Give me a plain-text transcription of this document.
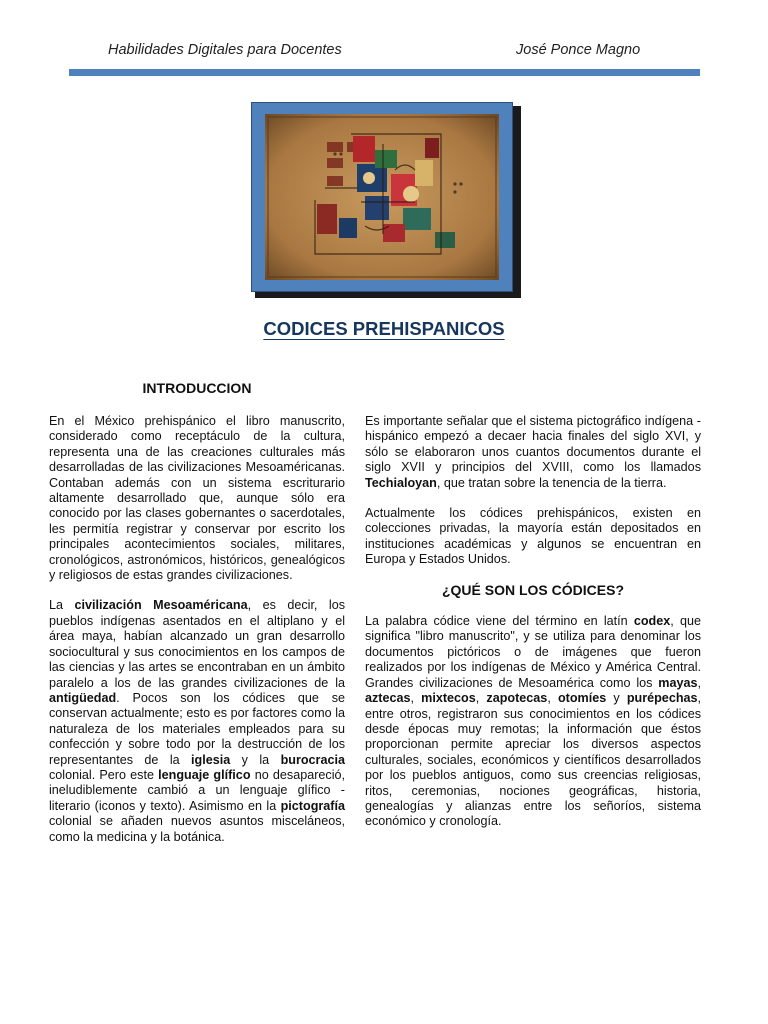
Habilidades Digitales para Docentes	José Ponce Magno
CODICES PREHISPANICOS
INTRODUCCION

En el México prehispánico el libro manuscrito, considerado como receptáculo de la cultura, representa una de las creaciones culturales más desarrolladas de las civilizaciones Mesoaméricanas. Contaban además con un sistema escriturario altamente desarrollado que, aunque sólo era conocido por las clases gobernantes o sacerdotales, les permitía registrar y conservar por escrito los principales acontecimientos sociales, militares, cronológicos, astronómicos, históricos, genealógicos y religiosos de estas grandes civilizaciones.

La civilización Mesoaméricana, es decir, los pueblos indígenas asentados en el altiplano y el área maya, habían alcanzado un gran desarrollo sociocultural y sus conocimientos en los campos de las ciencias y las artes se encontraban en un ámbito paralelo a los de las grandes civilizaciones de la antigüedad. Pocos son los códices que se conservan actualmente; esto es por factores como la naturaleza de los materiales empleados para su confección y sobre todo por la destrucción de los representantes de la iglesia y la burocracia colonial. Pero este lenguaje glífico no desapareció, ineludiblemente cambió a un lenguaje glífico - literario (iconos y texto). Asimismo en la pictografía colonial se añaden nuevos asuntos misceláneos, como la medicina y la botánica.

Es importante señalar que el sistema pictográfico indígena - hispánico empezó a decaer hacia finales del siglo XVI, y sólo se elaboraron unos cuantos documentos durante el siglo XVII y principios del XVIII, como los llamados Techialoyan, que tratan sobre la tenencia de la tierra.

Actualmente los códices prehispánicos, existen en colecciones privadas, la mayoría están depositados en instituciones académicas y algunos se encuentran en Europa y Estados Unidos.

¿QUÉ SON LOS CÓDICES?

La palabra códice viene del término en latín codex, que significa "libro manuscrito", y se utiliza para denominar los documentos pictóricos o de imágenes que fueron realizados por los indígenas de México y América Central. Grandes civilizaciones de Mesoamérica como los mayas, aztecas, mixtecos, zapotecas, otomíes y purépechas, entre otros, registraron sus conocimientos en los códices desde épocas muy remotas; la información que éstos proporcionan permite apreciar los diversos aspectos culturales, sociales, económicos y científicos desarrollados por los pueblos antiguos, como sus creencias religiosas, ritos, ceremonias, nociones geográficas, historia, genealogías y alianzas entre los señoríos, sistema económico y cronología.
